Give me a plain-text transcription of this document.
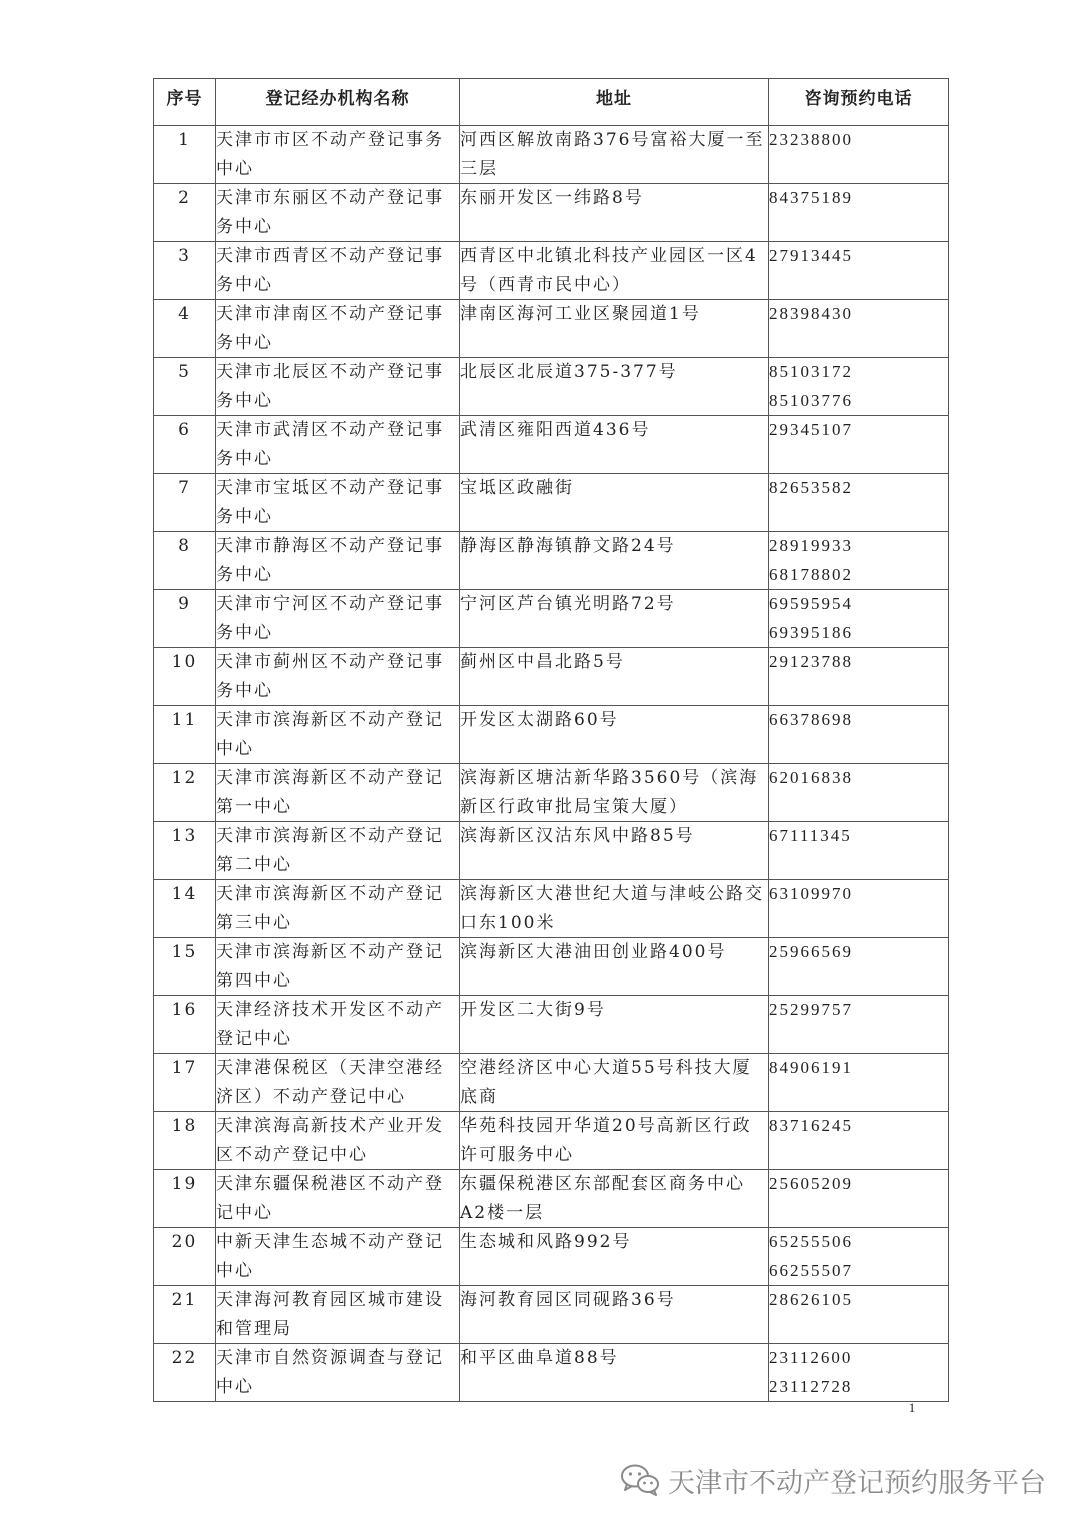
序号	登记经办机构名称	地址	咨询预约电话
1	天津市市区不动产登记事务中心	河西区解放南路376号富裕大厦一至三层	23238800

2	天津市东丽区不动产登记事务中心	东丽开发区一纬路8号	84375189

3	天津市西青区不动产登记事务中心	西青区中北镇北科技产业园区一区4号（西青市民中心）	27913445

4	天津市津南区不动产登记事务中心	津南区海河工业区聚园道1号	28398430

5	天津市北辰区不动产登记事务中心	北辰区北辰道375-377号	85103172
85103776

6	天津市武清区不动产登记事务中心	武清区雍阳西道436号	29345107

7	天津市宝坻区不动产登记事务中心	宝坻区政融街	82653582

8	天津市静海区不动产登记事务中心	静海区静海镇静文路24号	28919933
68178802

9	天津市宁河区不动产登记事务中心	宁河区芦台镇光明路72号	69595954
69395186

10	天津市蓟州区不动产登记事务中心	蓟州区中昌北路5号	29123788

11	天津市滨海新区不动产登记中心	开发区太湖路60号	66378698

12	天津市滨海新区不动产登记第一中心	滨海新区塘沽新华路3560号（滨海新区行政审批局宝策大厦）	62016838

13	天津市滨海新区不动产登记第二中心	滨海新区汉沽东风中路85号	67111345

14	天津市滨海新区不动产登记第三中心	滨海新区大港世纪大道与津岐公路交口东100米	63109970

15	天津市滨海新区不动产登记第四中心	滨海新区大港油田创业路400号	25966569

16	天津经济技术开发区不动产登记中心	开发区二大街9号	25299757

17	天津港保税区（天津空港经济区）不动产登记中心	空港经济区中心大道55号科技大厦底商	84906191

18	天津滨海高新技术产业开发区不动产登记中心	华苑科技园开华道20号高新区行政许可服务中心	83716245

19	天津东疆保税港区不动产登记中心	东疆保税港区东部配套区商务中心A2楼一层	25605209

20	中新天津生态城不动产登记中心	生态城和风路992号	65255506
66255507

21	天津海河教育园区城市建设和管理局	海河教育园区同砚路36号	28626105

22	天津市自然资源调查与登记中心	和平区曲阜道88号	23112600
23112728
1
天津市不动产登记预约服务平台
